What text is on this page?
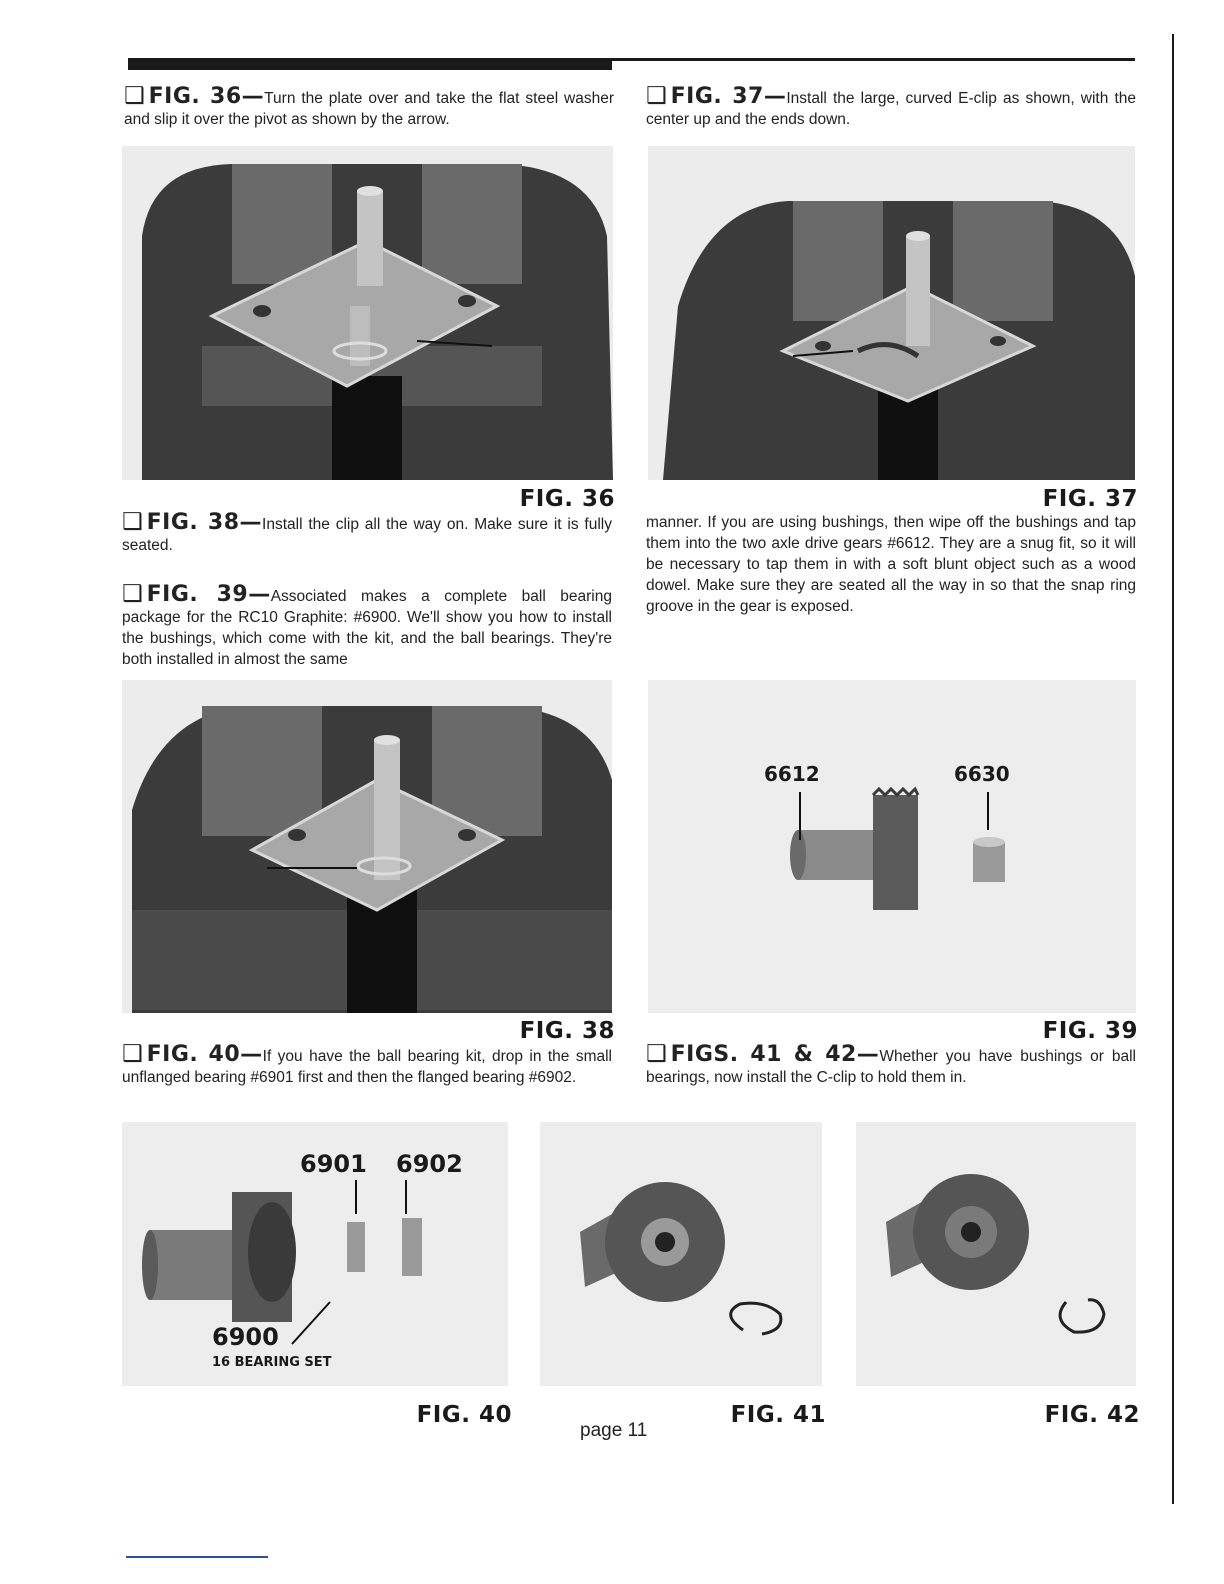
❑ FIG. 36—Turn the plate over and take the flat steel washer and slip it over the pivot as shown by the arrow.
❑ FIG. 37—Install the large, curved E-clip as shown, with the center up and the ends down.
FIG. 36	FIG. 37
❑ FIG. 38—Install the clip all the way on. Make sure it is fully seated.
❑ FIG. 39—Associated makes a complete ball bearing package for the RC10 Graphite: #6900. We'll show you how to install the bushings, which come with the kit, and the ball bearings. They're both installed in almost the same
manner. If you are using bushings, then wipe off the bushings and tap them into the two axle drive gears #6612. They are a snug fit, so it will be necessary to tap them in with a soft blunt object such as a wood dowel. Make sure they are seated all the way in so that the snap ring groove in the gear is exposed.
6612	6630
FIG. 38	FIG. 39
❑ FIG. 40—If you have the ball bearing kit, drop in the small unflanged bearing #6901 first and then the flanged bearing #6902.
❑ FIGS. 41 & 42—Whether you have bushings or ball bearings, now install the C-clip to hold them in.
6901 6902
6900
16 BEARING SET
FIG. 40	FIG. 41	FIG. 42
page 11
